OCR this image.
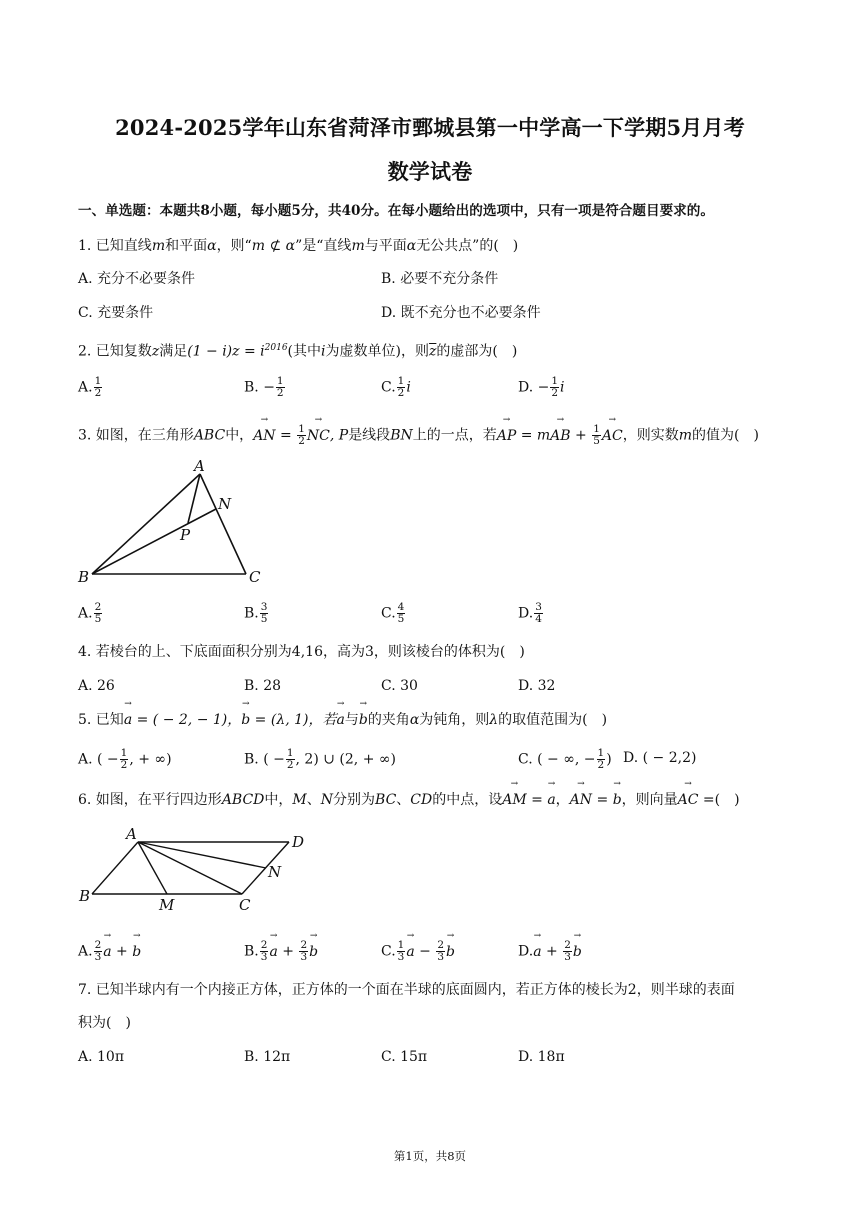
2024-2025学年山东省菏泽市鄄城县第一中学高一下学期5月月考
数学试卷
一、单选题：本题共8小题，每小题5分，共40分。在每小题给出的选项中，只有一项是符合题目要求的。
1. 已知直线m和平面α，则“m ⊄ α”是“直线m与平面α无公共点”的(　)
A. 充分不必要条件	B. 必要不充分条件
C. 充要条件	D. 既不充分也不必要条件
2. 已知复数z满足$(1 - i)z = i^{2016}$(其中i为虚数单位)，则$\overline{z}$的虚部为(　)
A. $\frac{1}{2}$	B. − $\frac{1}{2}$	C. $\frac{1}{2}$ i	D. − $\frac{1}{2}$ i
3. 如图，在三角形ABC中，→ AN = $\frac{1}{2}$ → NC, P是线段BN上的一点，若→ AP = m→ AB + $\frac{1}{5}$ → AC，则实数m的值为(　)
A
B	C
N
P
A. $\frac{2}{5}$	B. $\frac{3}{5}$	C. $\frac{4}{5}$	D. $\frac{3}{4}$
4. 若棱台的上、下底面面积分别为4,16，高为3，则该棱台的体积为(　)
A. 26	B. 28	C. 30	D. 32
5. 已知→ a = ( − 2, − 1)，→ b = (λ, 1)，若→ a与→ b的夹角α为钝角，则λ的取值范围为(　)
A. ( − $\frac{1}{2}$ , + ∞)	B. ( − $\frac{1}{2}$ , 2) ∪ (2, + ∞)	C. ( − ∞, − $\frac{1}{2}$ ) D. ( − 2,2)
6. 如图，在平行四边形ABCD中，M、N分别为BC、CD的中点，设→ AM = → a，→ AN = → b，则向量→ AC =(　)
A	D
B	M	C
N
A. $\frac{2}{3} \to a$ + → b	B. $\frac{2}{3} \to a + \frac{2}{3} \to b$	C. $\frac{1}{3} \to a - \frac{2}{3} \to b$	$D.\to a + \frac{2}{3} \to b$
7. 已知半球内有一个内接正方体，正方体的一个面在半球的底面圆内，若正方体的棱长为2，则半球的表面
积为(　)
A. 10π	B. 12π	C. 15π	D. 18π
第1页，共8页
